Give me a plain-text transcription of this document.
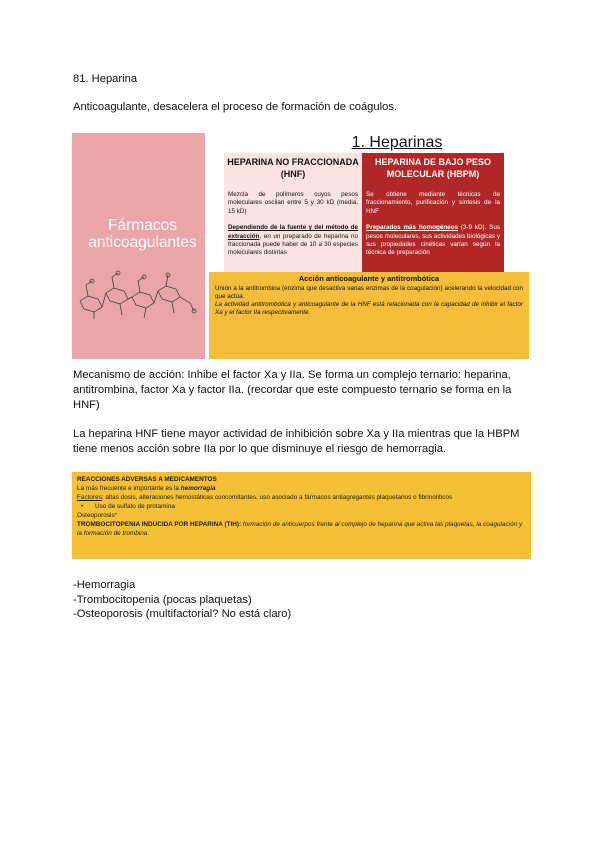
81. Heparina

Anticoagulante, desacelera el proceso de formación de coágulos.

Fármacos
anticoagulantes
1. Heparinas
HEPARINA NO FRACCIONADA (HNF)
HEPARINA DE BAJO PESO MOLECULAR (HBPM)

Mezcla de polímeros cuyos pesos moleculares oscilan entre 5 y 30 kD (media, 15 kD)

Dependiendo de la fuente y del método de extracción, en un preparado de heparina no fraccionada puede haber de 10 a 30 especies moleculares distintas

Se obtiene mediante técnicas de fraccionamiento, purificación y síntesis de la HNF

Preparados más homogéneos (3-9 kD). Sus pesos moleculares, sus actividades biológicas y sus propiedades cinéticas varían según la técnica de preparación

Acción anticoagulante y antitrombótica
Unión a la antitrombina (enzima que desactiva varias enzimas de la coagulación) acelerando la velocidad con que actúa.
La actividad antitrombótica y anticoagulante de la HNF está relacionada con la capacidad de inhibir el factor Xa y el factor IIa respectivamente.

Mecanismo de acción: Inhibe el factor Xa y IIa. Se forma un complejo ternario: heparina, antitrombina, factor Xa y factor IIa. (recordar que este compuesto ternario se forma en la HNF)

La heparina HNF tiene mayor actividad de inhibición sobre Xa y IIa mientras que la HBPM tiene menos acción sobre IIa por lo que disminuye el riesgo de hemorragia.

REACCIONES ADVERSAS A MEDICAMENTOS
La más frecuente e importante es la hemorragia
Factores: altas dosis, alteraciones hemostáticas concomitantes, uso asociado a fármacos antiagregantes plaquetarios o fibrinolíticos
• Uso de sulfato de protamina
Osteoporosis*
TROMBOCITOPENIA INDUCIDA POR HEPARINA (TIH): formación de anticuerpos frente al complejo de heparina que activa las plaquetas, la coagulación y la formación de trombina.
-Hemorragia
-Trombocitopenia (pocas plaquetas)
-Osteoporosis (multifactorial? No está claro)
